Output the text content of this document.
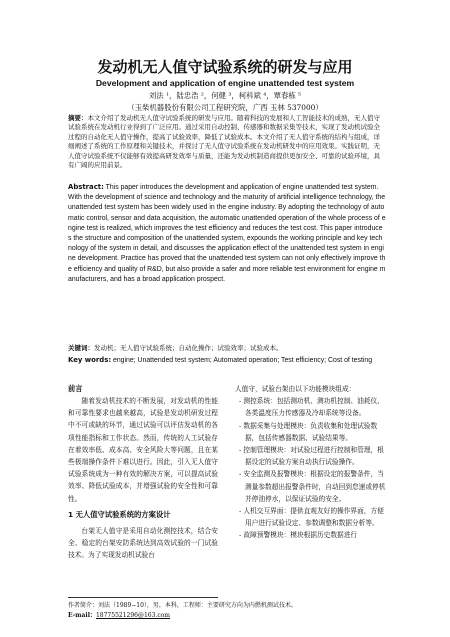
发动机无人值守试验系统的研发与应用
Development and application of engine unattended test system
刘法 ¹，陆忠浩 ²，何健 ³，柯科斌 ⁴，覃春栋 ⁵
（玉柴机器股份有限公司工程研究院，广西 玉林 537000）
摘要：本文介绍了发动机无人值守试验系统的研发与应用。随着科技的发展和人工智能技术的成熟，无人值守试验系统在发动机行业得到了广泛应用。通过采用自动控制、传感器和数据采集等技术，实现了发动机试验全过程的自动化无人值守操作，提高了试验效率，降低了试验成本。本文介绍了无人值守系统的结构与组成，详细阐述了系统的工作原理和关键技术，并探讨了无人值守试验系统在发动机研发中的应用效果。实践证明，无人值守试验系统不仅能够有效提高研发效率与质量，还能为发动机制造商提供更加安全、可靠的试验环境，具有广阔的应用前景。
Abstract: This paper introduces the development and application of engine unattended test system. With the development of science and technology and the maturity of artificial intelligence technology, the unattended test system has been widely used in the engine industry. By adopting the technology of automatic control, sensor and data acquisition, the automatic unattended operation of the whole process of engine test is realized, which improves the test efficiency and reduces the test cost. This paper introduces the structure and composition of the unattended system, expounds the working principle and key technology of the system in detail, and discusses the application effect of the unattended test system in engine development. Practice has proved that the unattended test system can not only effectively improve the efficiency and quality of R&D, but also provide a safer and more reliable test environment for engine manufacturers, and has a broad application prospect.
关键词：发动机；无人值守试验系统；自动化操作；试验效率；试验成本。
Key words: engine; Unattended test system; Automated operation; Test efficiency; Cost of testing

前言

随着发动机技术的不断发展，对发动机的性能和可靠性要求也越来越高，试验是发动机研发过程中不可或缺的环节，通过试验可以评估发动机的各项性能指标和工作状态。然而，传统的人工试验存在着效率低、成本高、安全风险大等问题，且在某些极端操作条件下难以进行。因此，引入无人值守试验系统成为一种有效的解决方案，可以提高试验效率、降低试验成本，并增强试验的安全性和可靠性。

1 无人值守试验系统的方案设计

台架无人值守是采用自动化测控技术，结合安全、稳定的台架安防系统达到高效试验的一门试验技术。为了实现发动机试验台

人值守，试验台架由以下功能模块组成：

- 测控系统：包括测功机、测功机控制、油耗仪、各类温度压力传感器及冷却系统等设备。
- 数据采集与处理模块：负责收集和处理试验数据，包括传感器数据、试验结果等。
- 控制管理模块：对试验过程进行控制和管理，根据设定的试验方案自动执行试验操作。
- 安全监测及报警模块：根据设定的报警条件，当测量参数超出报警条件时，自动回到怠速或停机并停油停水，以保证试验的安全。
- 人机交互界面：提供直观友好的操作界面，方便用户进行试验设定、参数调整和数据分析等。
- 故障预警模块：模块根据历史数据进行
作者简介：刘法（1989−10），男，本科，工程师：主要研究方向为内燃机测试技术。
E-mail：18775521296@163.com
